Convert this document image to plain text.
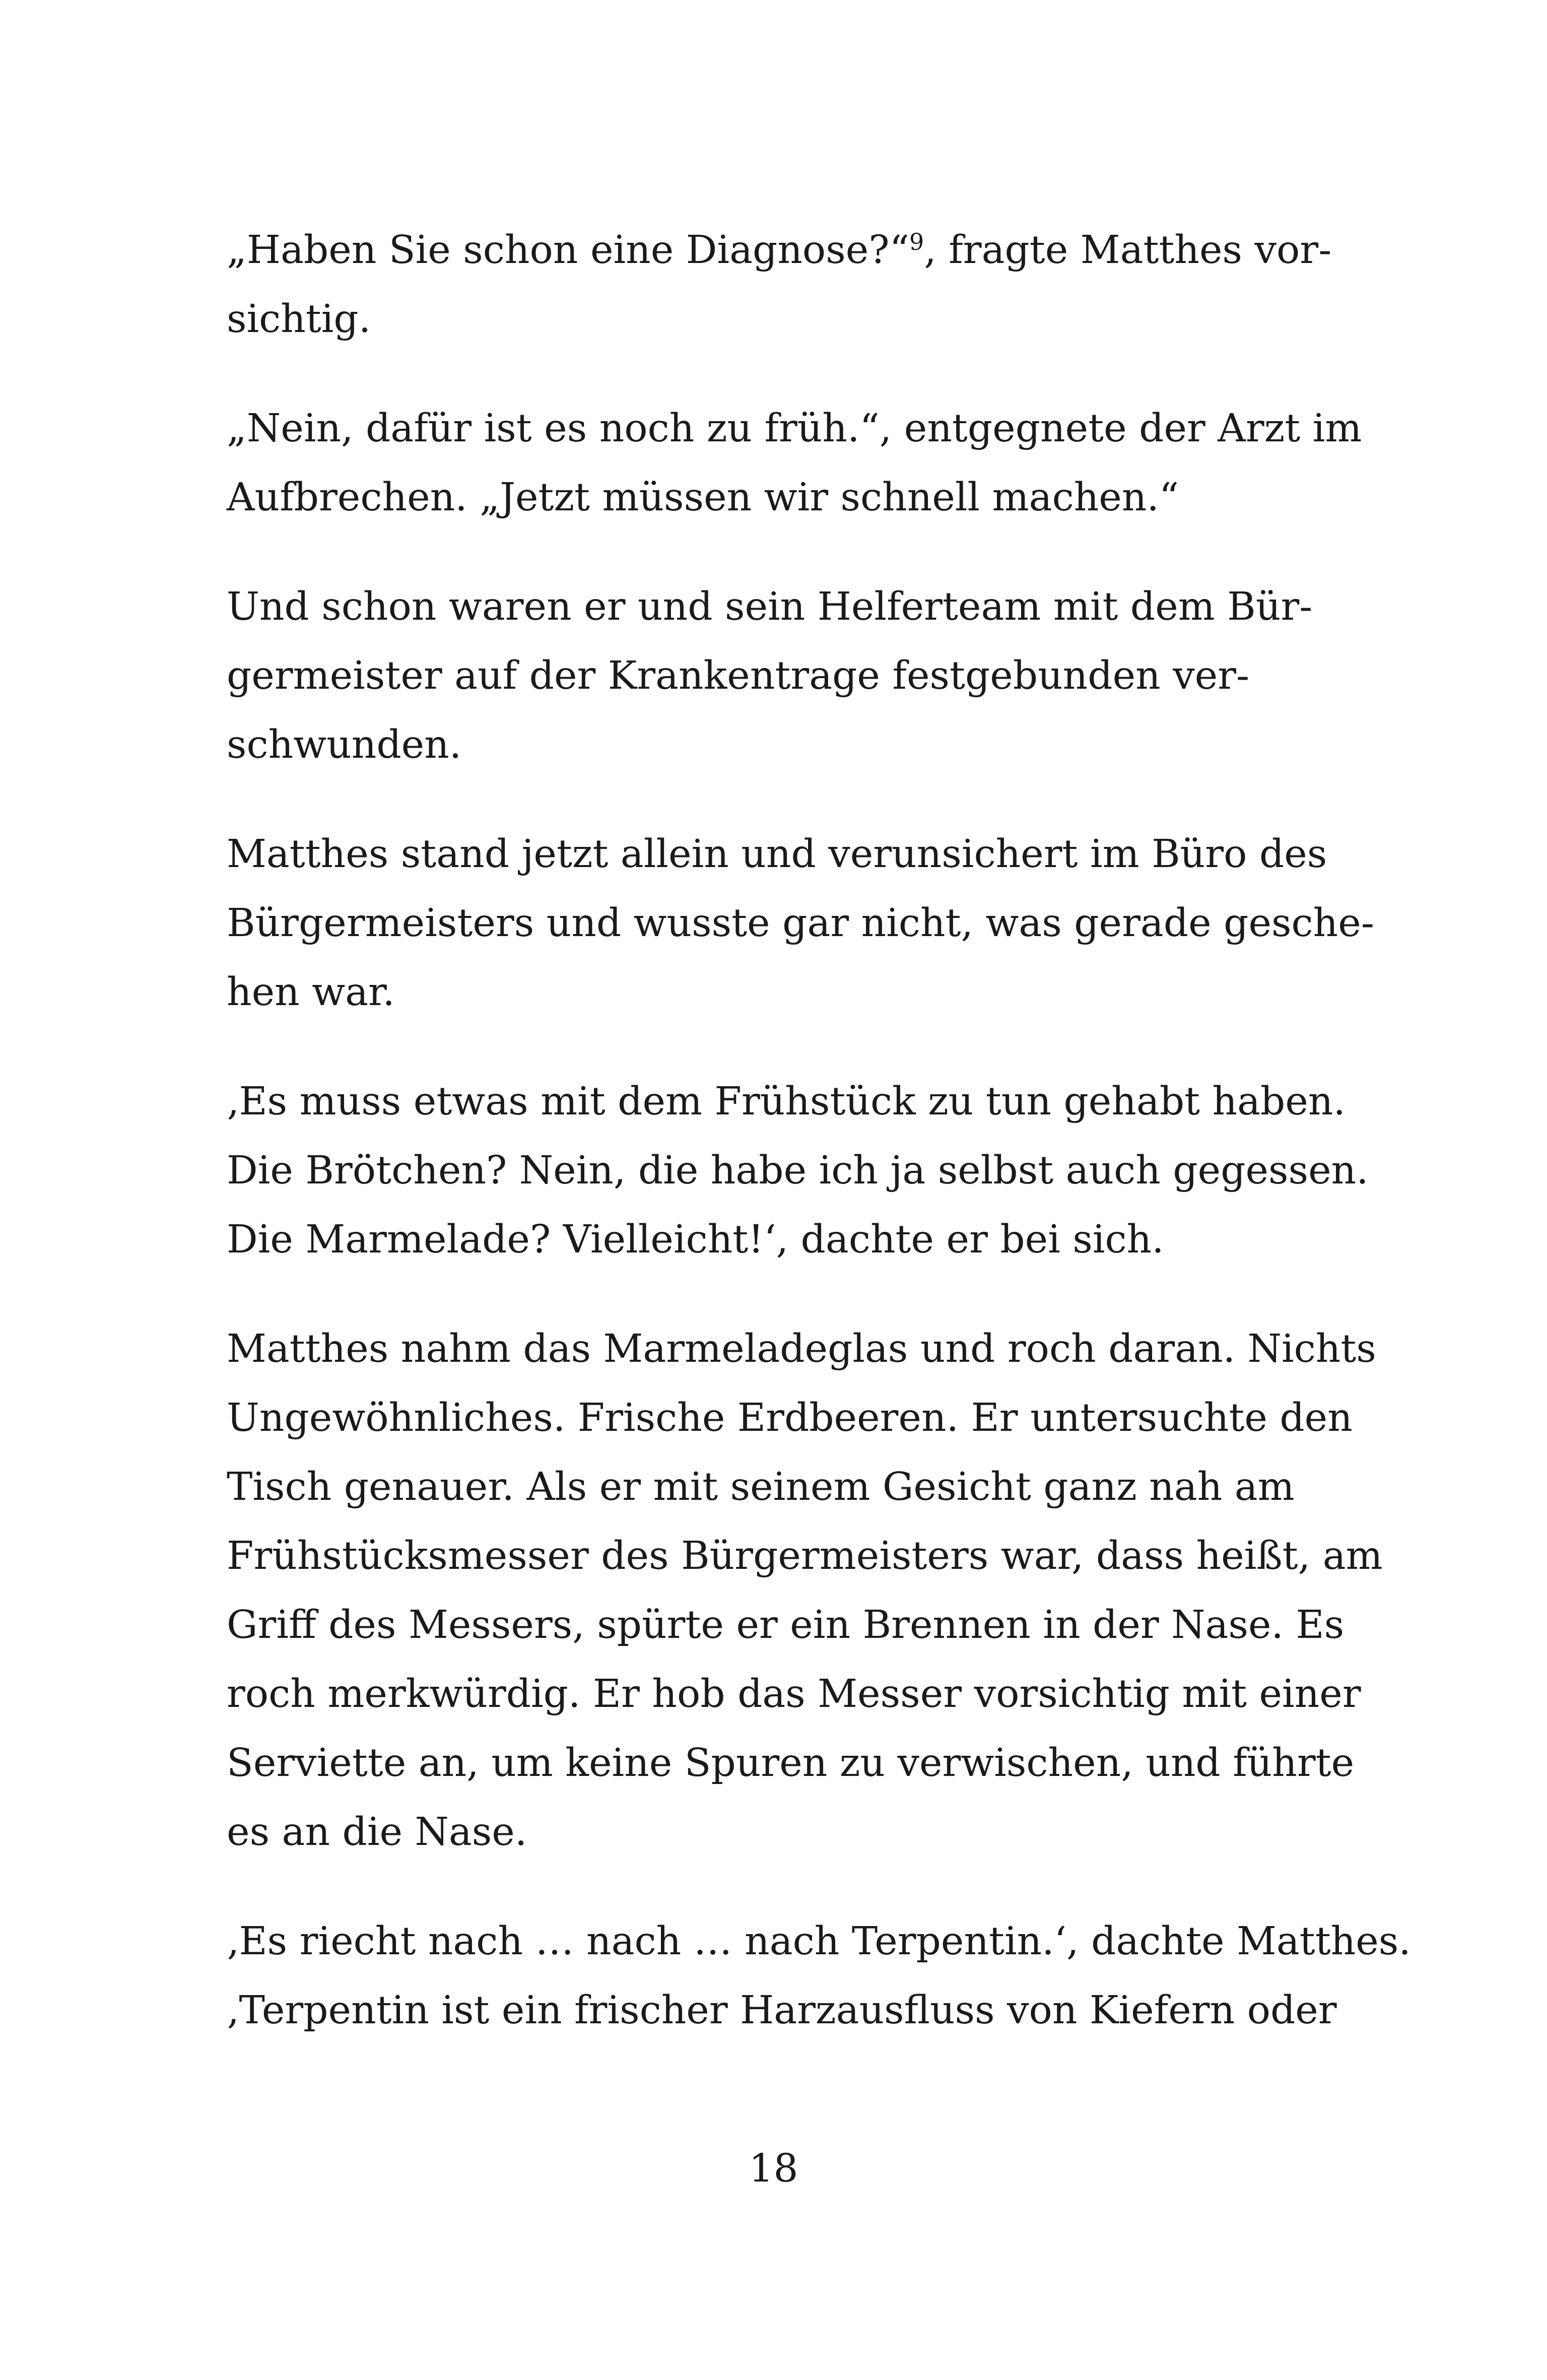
„Haben Sie schon eine Diagnose?“$^9$, fragte Matthes vor-
sichtig.

„Nein, dafür ist es noch zu früh.“, entgegnete der Arzt im
Aufbrechen. „Jetzt müssen wir schnell machen.“

Und schon waren er und sein Helferteam mit dem Bür-
germeister auf der Krankentrage festgebunden ver-
schwunden.

Matthes stand jetzt allein und verunsichert im Büro des
Bürgermeisters und wusste gar nicht, was gerade gesche-
hen war.

‚Es muss etwas mit dem Frühstück zu tun gehabt haben.
Die Brötchen? Nein, die habe ich ja selbst auch gegessen.
Die Marmelade? Vielleicht!‘, dachte er bei sich.

Matthes nahm das Marmeladeglas und roch daran. Nichts
Ungewöhnliches. Frische Erdbeeren. Er untersuchte den
Tisch genauer. Als er mit seinem Gesicht ganz nah am
Frühstücksmesser des Bürgermeisters war, dass heißt, am
Griff des Messers, spürte er ein Brennen in der Nase. Es
roch merkwürdig. Er hob das Messer vorsichtig mit einer
Serviette an, um keine Spuren zu verwischen, und führte
es an die Nase.

‚Es riecht nach … nach … nach Terpentin.‘, dachte Matthes.
‚Terpentin ist ein frischer Harzausfluss von Kiefern oder

18
